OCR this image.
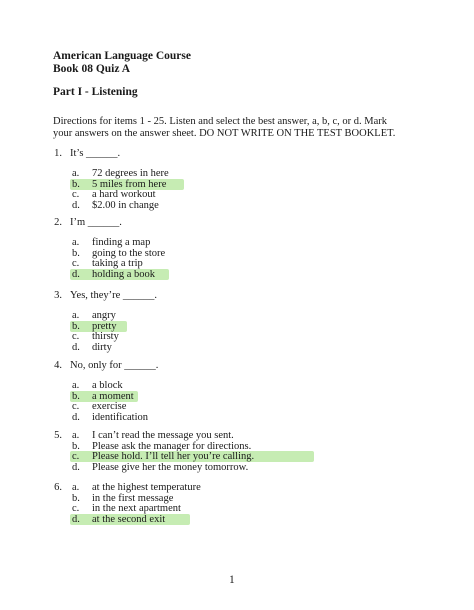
American Language Course
Book 08 Quiz A
Part I - Listening
Directions for items 1 - 25. Listen and select the best answer, a, b, c, or d. Mark
your answers on the answer sheet. DO NOT WRITE ON THE TEST BOOKLET.
1. It’s ______.
a. 72 degrees in here
b. 5 miles from here
c. a hard workout
d. $2.00 in change
2. I’m ______.
a. finding a map
b. going to the store
c. taking a trip
d. holding a book
3. Yes, they’re ______.
a. angry
b. pretty
c. thirsty
d. dirty
4. No, only for ______.
a. a block
b. a moment
c. exercise
d. identification
5. a. I can’t read the message you sent.
b. Please ask the manager for directions.
c. Please hold. I’ll tell her you’re calling.
d. Please give her the money tomorrow.
6. a. at the highest temperature
b. in the first message
c. in the next apartment
d. at the second exit
1
